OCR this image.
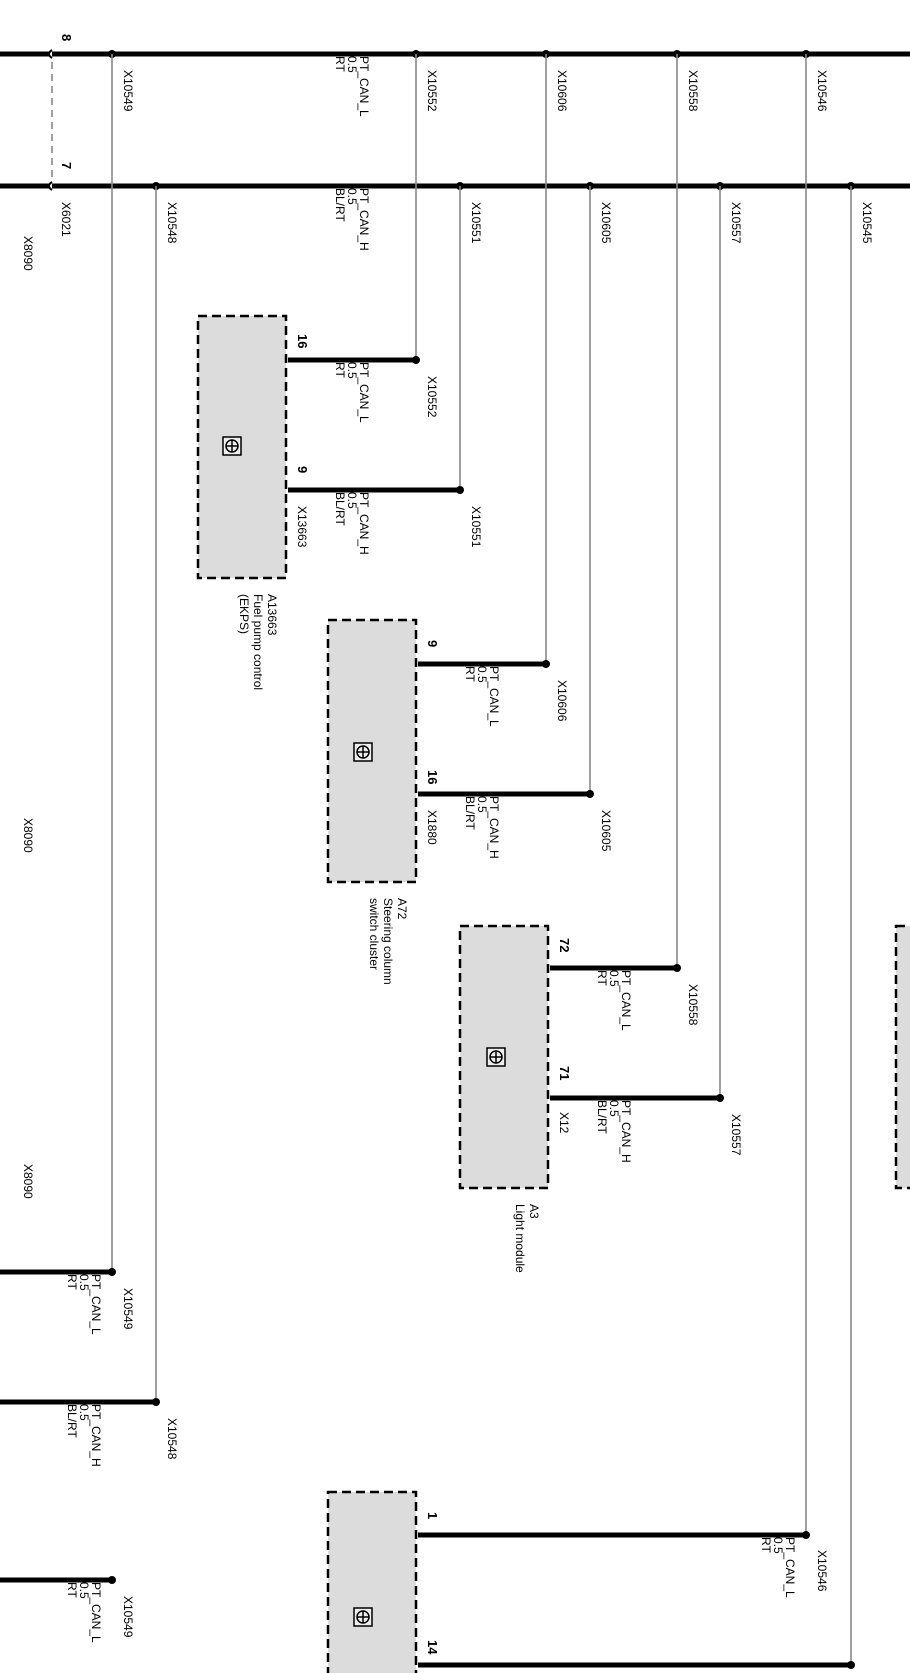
8
7
X6021
X8090
X10549	X10552
PT_CAN_L
0.5
RT
X10606	X10558	X10546
X10548	X10551
PT_CAN_H
0.5
BL/RT	X10605	X10557	X10545
16
9
X13663
X10552
X10551
PT_CAN_L
0.5
RT
PT_CAN_H
0.5
BL/RT
A13663
Fuel pump control
(EKPS)
9
16
X1880
X10606
X10605
PT_CAN_L
0.5
RT
PT_CAN_H
0.5
BL/RT
A72
Steering column
switch cluster	72
71
X12
X10558
X10557
PT_CAN_L
0.5
RT
PT_CAN_H
0.5
BL/RT
A3
Light module
X8090
X8090
X10549
PT_CAN_L
0.5
RT
X10548
PT_CAN_H
0.5
BL/RT
X10549
PT_CAN_L
0.5
RT
1
14
X10546
PT_CAN_L
0.5
RT
